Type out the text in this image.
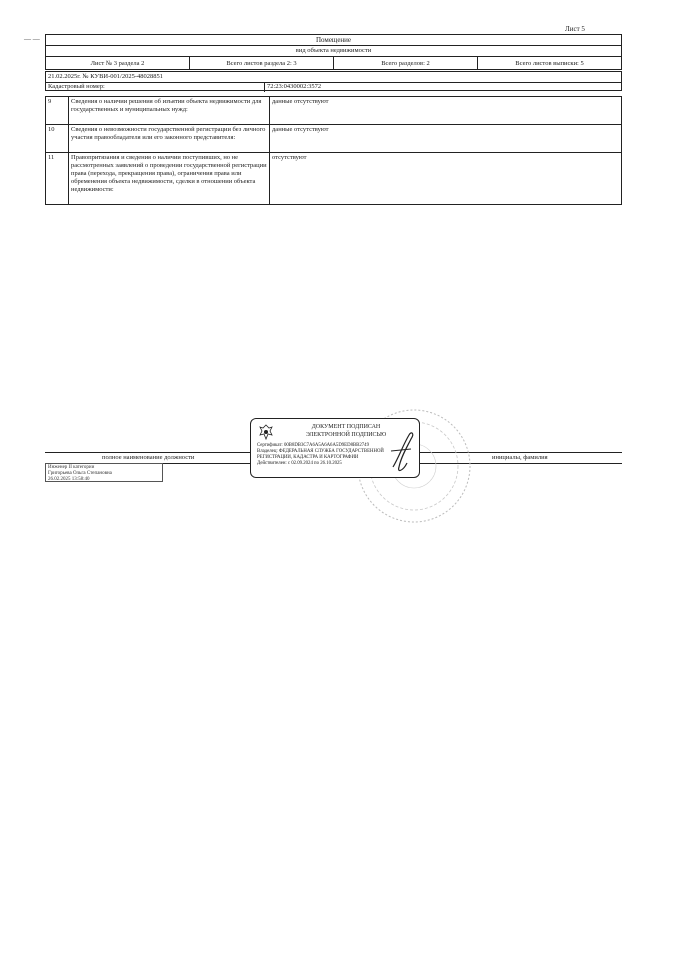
Лист 5
— —	Помещение
вид объекта недвижимости
Лист № 3 раздела 2	Всего листов раздела 2: 3	Всего разделов: 2	Всего листов выписки: 5
21.02.2025г. № КУВИ-001/2025-48028851
Кадастровый номер:	72:23:0430002:3572
9	Сведения о наличии решения об изъятии объекта недвижимости для государственных и муниципальных нужд:	данные отсутствуют
10	Сведения о невозможности государственной регистрации без личного участия правообладателя или его законного представителя:	данные отсутствуют
11	Правопритязания и сведения о наличии поступивших, но не рассмотренных заявлений о проведении государственной регистрации права (перехода, прекращения права), ограничения права или обременения объекта недвижимости, сделки в отношении объекта недвижимости:	отсутствуют
полное наименование должности	инициалы, фамилия
Инженер II категории
Григорьева Ольга Степановна
26.02.2025 13:58:40
ДОКУМЕНТ ПОДПИСАН
ЭЛЕКТРОННОЙ ПОДПИСЬЮ
Сертификат: 00B8DB3C7A6A5A6A6A5D9ED8BB2749
Владелец: ФЕДЕРАЛЬНАЯ СЛУЖБА ГОСУДАРСТВЕННОЙ
РЕГИСТРАЦИИ, КАДАСТРА И КАРТОГРАФИИ
Действителен: с 02.09.2024 по 26.10.2025
